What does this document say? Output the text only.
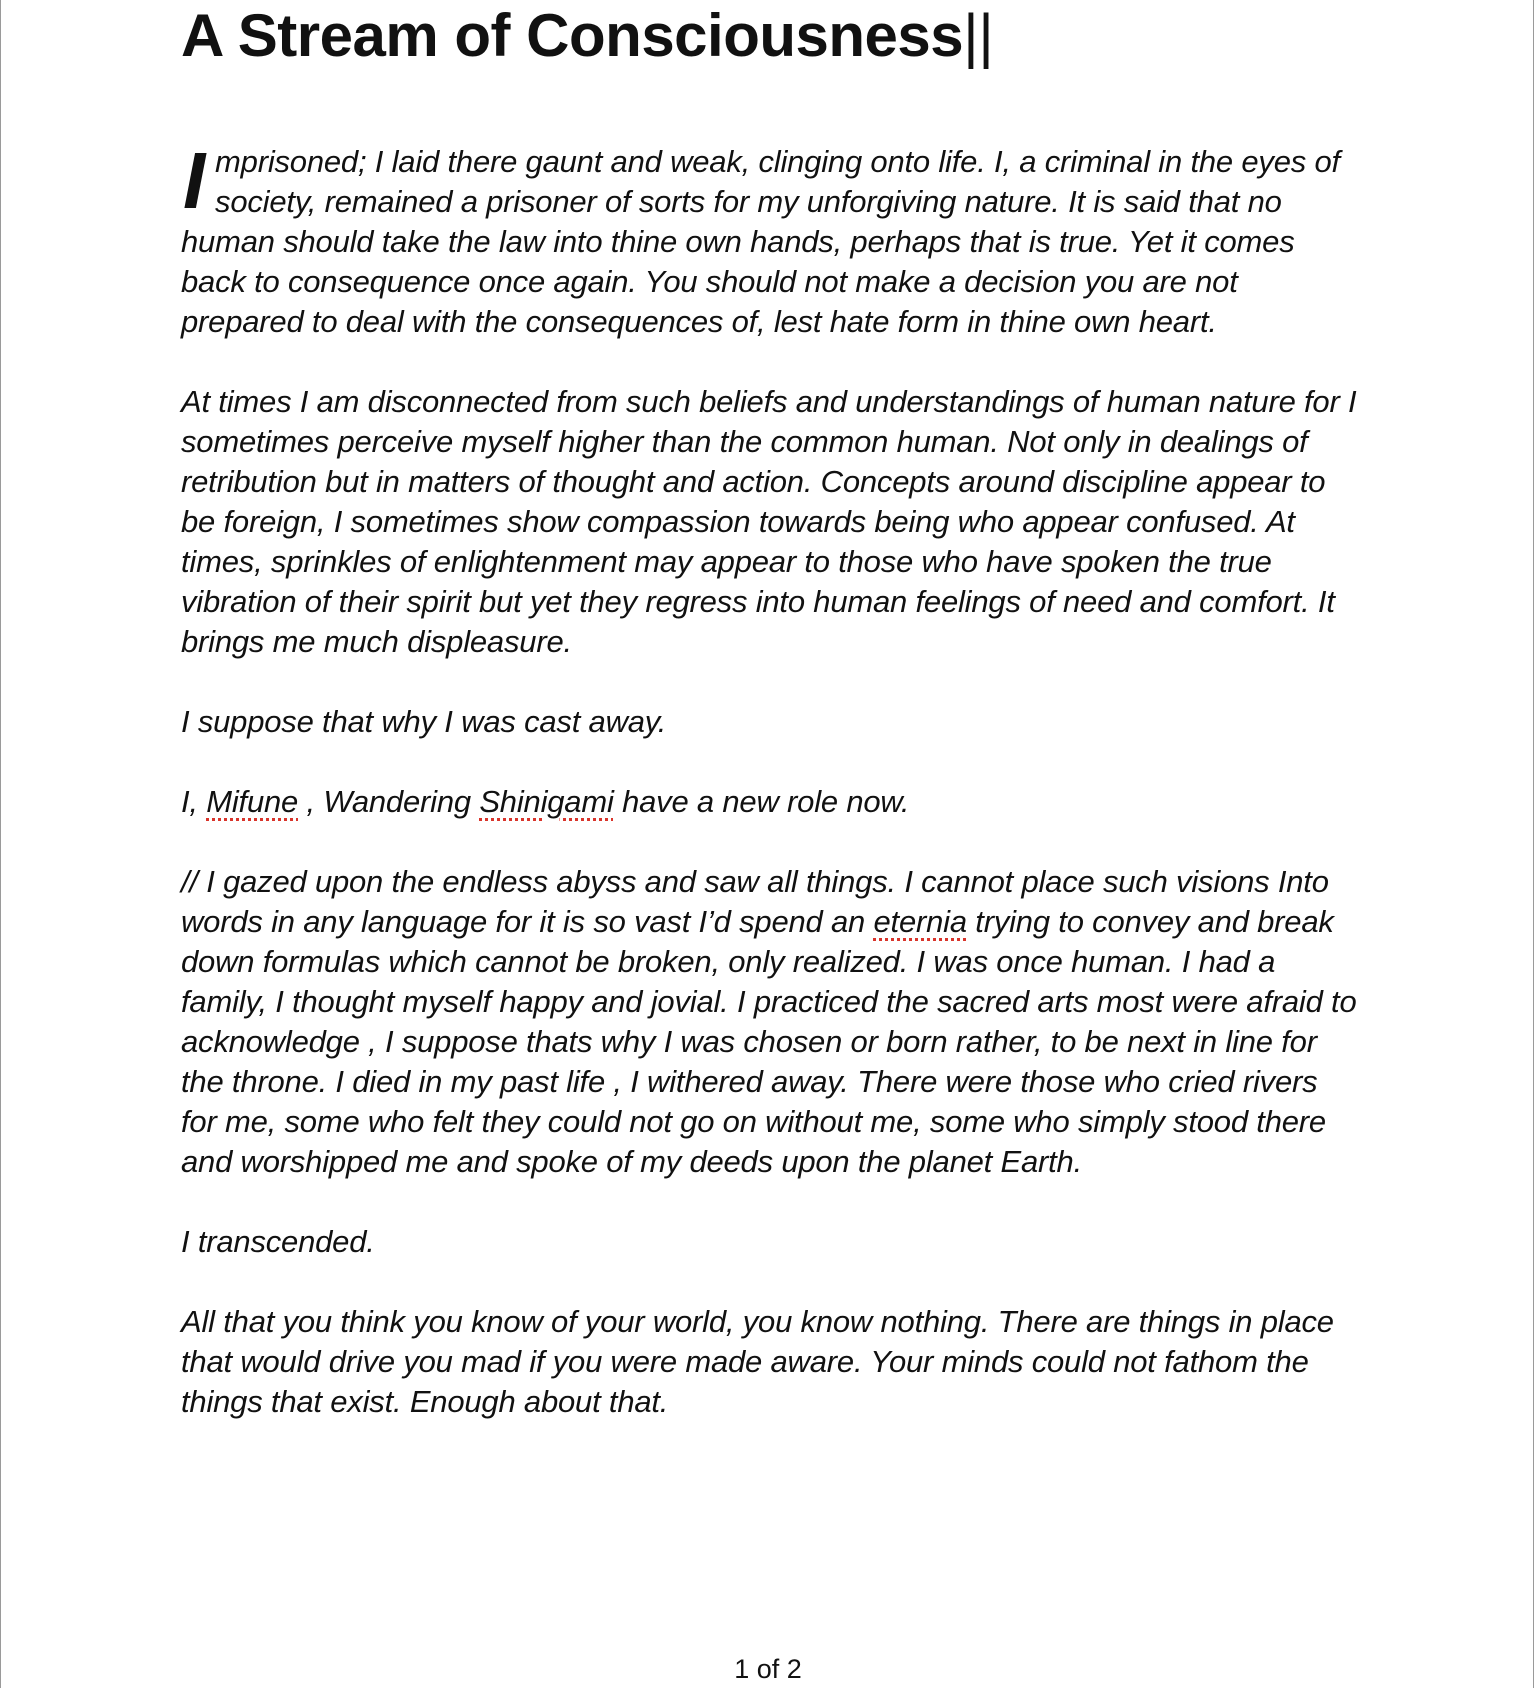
A Stream of Consciousness||

Imprisoned; I laid there gaunt and weak, clinging onto life. I, a criminal in the eyes of society, remained a prisoner of sorts for my unforgiving nature. It is said that no human should take the law into thine own hands, perhaps that is true. Yet it comes back to consequence once again. You should not make a decision you are not prepared to deal with the consequences of, lest hate form in thine own heart.

At times I am disconnected from such beliefs and understandings of human nature for I sometimes perceive myself higher than the common human. Not only in dealings of retribution but in matters of thought and action. Concepts around discipline appear to be foreign, I sometimes show compassion towards being who appear confused. At times, sprinkles of enlightenment may appear to those who have spoken the true vibration of their spirit but yet they regress into human feelings of need and comfort. It brings me much displeasure.

I suppose that why I was cast away.

I, Mifune , Wandering Shinigami have a new role now.

// I gazed upon the endless abyss and saw all things. I cannot place such visions Into words in any language for it is so vast I’d spend an eternia trying to convey and break down formulas which cannot be broken, only realized. I was once human. I had a family, I thought myself happy and jovial. I practiced the sacred arts most were afraid to acknowledge , I suppose thats why I was chosen or born rather, to be next in line for the throne. I died in my past life , I withered away. There were those who cried rivers for me, some who felt they could not go on without me, some who simply stood there and worshipped me and spoke of my deeds upon the planet Earth.

I transcended.

All that you think you know of your world, you know nothing. There are things in place that would drive you mad if you were made aware. Your minds could not fathom the things that exist. Enough about that.

1 of 2
